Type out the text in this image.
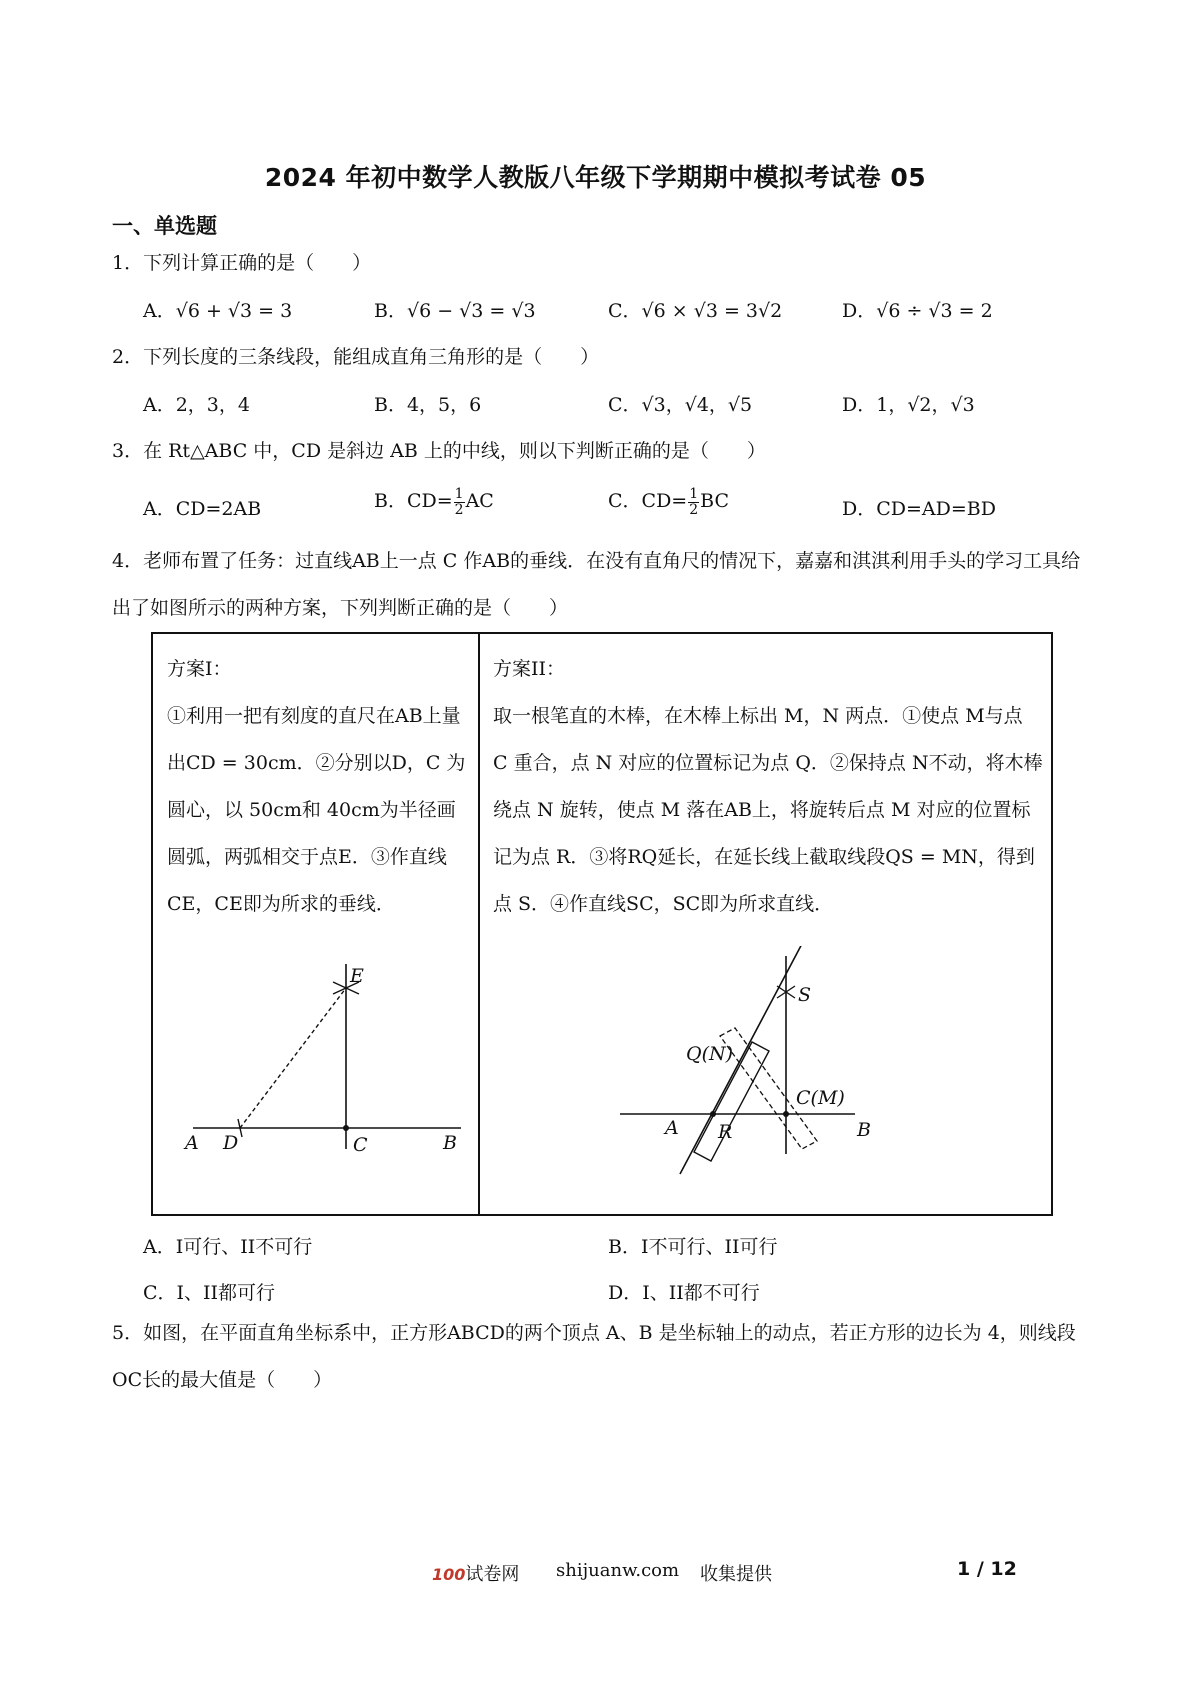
2024 年初中数学人教版八年级下学期期中模拟考试卷 05
一、单选题
1．下列计算正确的是（　　）
A．√6 + √3 = 3	B．√6 − √3 = √3	C．√6 × √3 = 3√2	D．√6 ÷ √3 = 2
2．下列长度的三条线段，能组成直角三角形的是（　　）
A．2，3，4	B．4，5，6	C．√3，√4，√5	D．1，√2，√3
3．在 Rt△ABC 中，CD 是斜边 AB 上的中线，则以下判断正确的是（　　）
A．CD=2AB	B．$CD= \frac{1}{2}$ AC	C．$CD= \frac{1}{2}$ BC	D．CD=AD=BD
4．老师布置了任务：过直线AB上一点 C 作AB的垂线．在没有直角尺的情况下，嘉嘉和淇淇利用手头的学习工具给出了如图所示的两种方案，下列判断正确的是（　　）
方案I：
①利用一把有刻度的直尺在AB上量出CD = 30cm．②分别以D，C 为圆心，以 50cm和 40cm为半径画圆弧，两弧相交于点E．③作直线CE，CE即为所求的垂线．
方案II：
取一根笔直的木棒，在木棒上标出 M，N 两点．①使点 M与点 C 重合，点 N 对应的位置标记为点 Q．②保持点 N不动，将木棒绕点 N 旋转，使点 M 落在AB上，将旋转后点 M 对应的位置标记为点 R．③将RQ延长，在延长线上截取线段QS = MN，得到点 S．④作直线SC，SC即为所求直线．
A D	C	B
E
A R	B
S
Q(N)
C(M)
A．I可行、II不可行	B．I不可行、II可行
C．I、II都可行	D．I、II都不可行
5．如图，在平面直角坐标系中，正方形ABCD的两个顶点 A、B 是坐标轴上的动点，若正方形的边长为 4，则线段OC长的最大值是（　　）
100试卷网 shijuanw.com 收集提供	1 / 12
